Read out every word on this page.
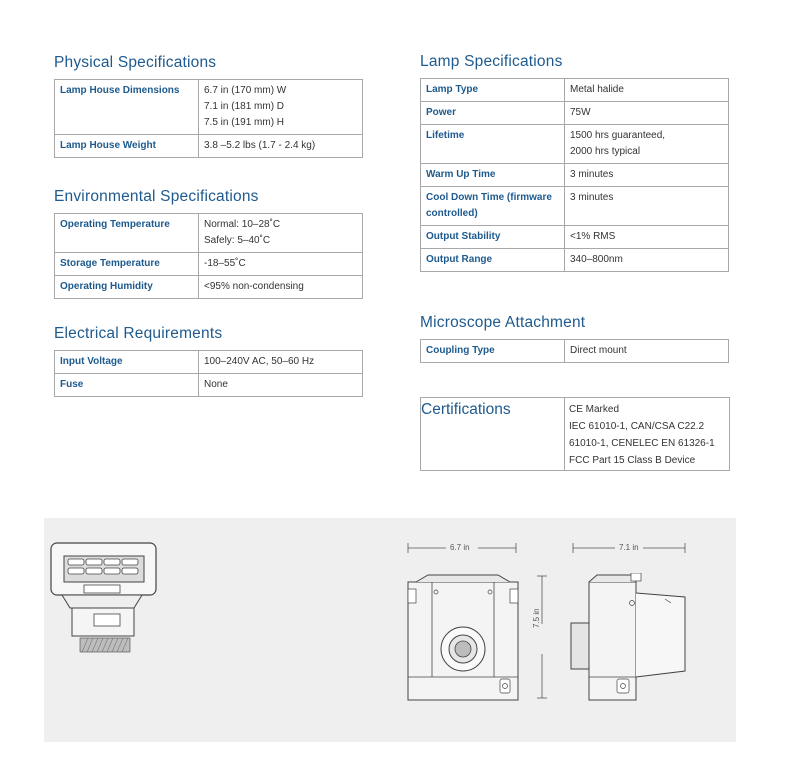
Physical Specifications
Lamp House Dimensions	6.7 in (170 mm) W
7.1 in (181 mm) D
7.5 in (191 mm) H

Lamp House Weight	3.8 –5.2 lbs (1.7 - 2.4 kg)
Environmental Specifications
Operating Temperature	Normal: 10–28˚C
Safely: 5–40˚C

Storage Temperature	-18–55˚C
Operating Humidity	<95% non-condensing
Electrical Requirements
Input Voltage	100–240V AC, 50–60 Hz
Fuse	None
Lamp Specifications
Lamp Type	Metal halide
Power	75W
Lifetime	1500 hrs guaranteed,
2000 hrs typical

Warm Up Time	3 minutes
Cool Down Time (firmware controlled)	3 minutes
Output Stability	<1% RMS
Output Range	340–800nm
Microscope Attachment
Coupling Type	Direct mount
Certifications	CE Marked
IEC 61010-1, CAN/CSA C22.2
61010-1, CENELEC EN 61326-1
FCC Part 15 Class B Device
6.7 in	7.1 in
7.5 in
